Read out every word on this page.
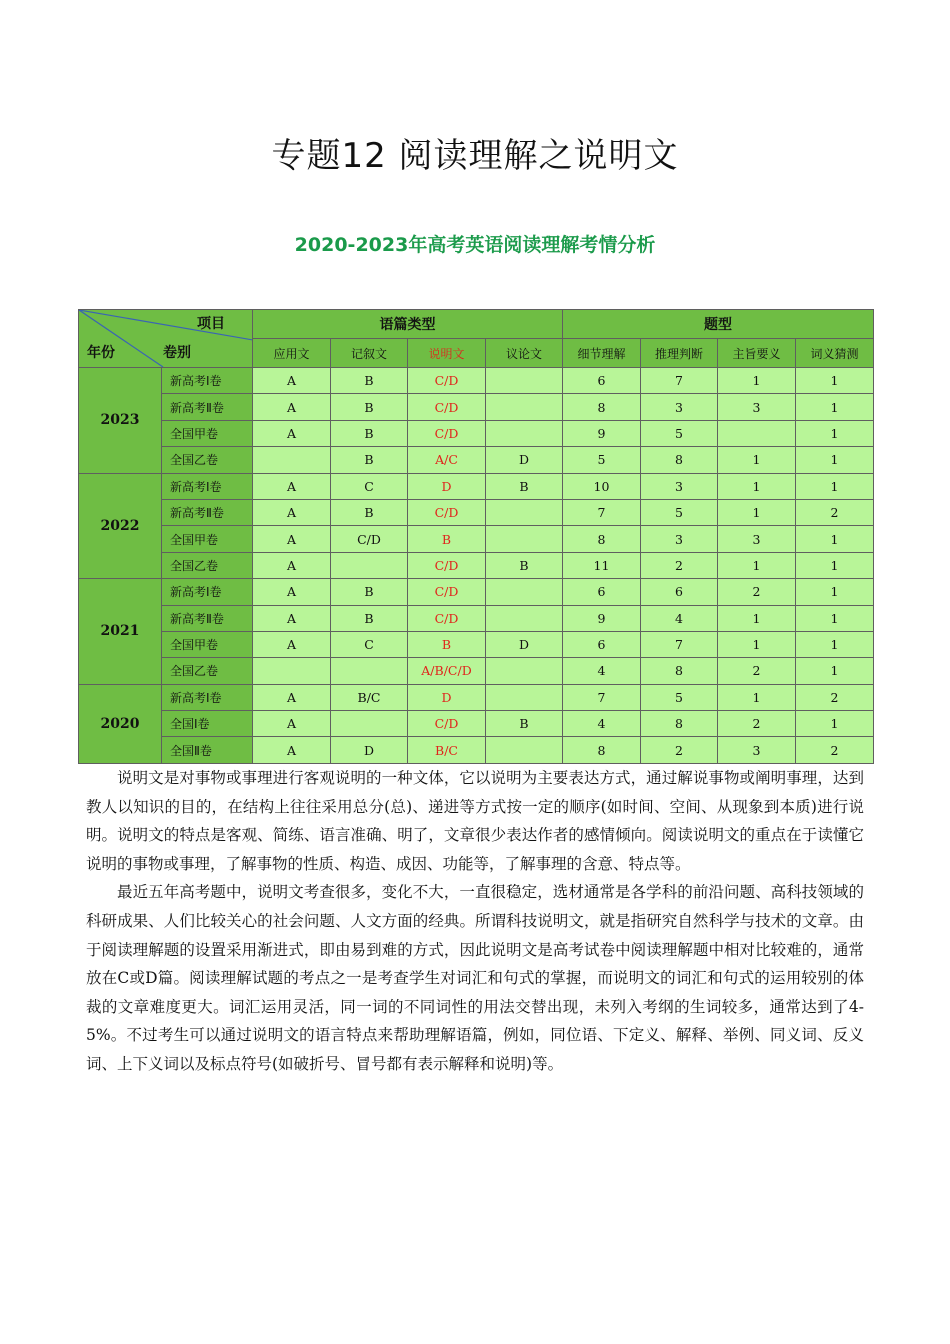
专题12 阅读理解之说明文
2020-2023年高考英语阅读理解考情分析
项目
年份 卷别		语篇类型				题型			
		应用文	记叙文	说明文	议论文	细节理解	推理判断	主旨要义	词义猜测
2023	新高考Ⅰ卷	A	B	C/D		6	7	1	1
	新高考Ⅱ卷	A	B	C/D		8	3	3	1
	全国甲卷	A	B	C/D		9	5		1
	全国乙卷		B	A/C	D	5	8	1	1
2022	新高考Ⅰ卷	A	C	D	B	10	3	1	1
	新高考Ⅱ卷	A	B	C/D		7	5	1	2
	全国甲卷	A	C/D	B		8	3	3	1
	全国乙卷	A		C/D	B	11	2	1	1
2021	新高考Ⅰ卷	A	B	C/D		6	6	2	1
	新高考Ⅱ卷	A	B	C/D		9	4	1	1
	全国甲卷	A	C	B	D	6	7	1	1
	全国乙卷			A/B/C/D		4	8	2	1
2020	新高考Ⅰ卷	A	B/C	D		7	5	1	2
	全国Ⅰ卷	A		C/D	B	4	8	2	1
	全国Ⅱ卷	A	D	B/C		8	2	3	2

说明文是对事物或事理进行客观说明的一种文体，它以说明为主要表达方式，通过解说事物或阐明事理，达到教人以知识的目的，在结构上往往采用总分(总)、递进等方式按一定的顺序(如时间、空间、从现象到本质)进行说明。说明文的特点是客观、简练、语言准确、明了，文章很少表达作者的感情倾向。阅读说明文的重点在于读懂它说明的事物或事理，了解事物的性质、构造、成因、功能等，了解事理的含意、特点等。

最近五年高考题中，说明文考查很多，变化不大，一直很稳定，选材通常是各学科的前沿问题、高科技领域的科研成果、人们比较关心的社会问题、人文方面的经典。所谓科技说明文，就是指研究自然科学与技术的文章。由于阅读理解题的设置采用渐进式，即由易到难的方式，因此说明文是高考试卷中阅读理解题中相对比较难的，通常放在C或D篇。阅读理解试题的考点之一是考查学生对词汇和句式的掌握，而说明文的词汇和句式的运用较别的体裁的文章难度更大。词汇运用灵活，同一词的不同词性的用法交替出现，未列入考纲的生词较多，通常达到了4-5%。不过考生可以通过说明文的语言特点来帮助理解语篇，例如，同位语、下定义、解释、举例、同义词、反义词、上下义词以及标点符号(如破折号、冒号都有表示解释和说明)等。
